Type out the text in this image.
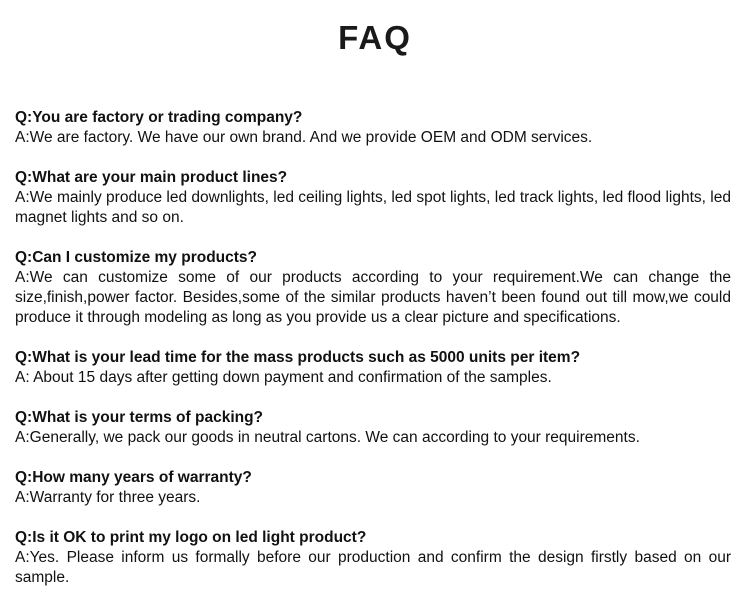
FAQ

Q:You are factory or trading company?

A:We are factory. We have our own brand. And we provide OEM and ODM services.

Q:What are your main product lines?

A:We mainly produce led downlights, led ceiling lights, led spot lights, led track lights, led flood lights, led magnet lights and so on.

Q:Can I customize my products?

A:We can customize some of our products according to your requirement.We can change the size,finish,power factor. Besides,some of the similar products haven’t been found out till mow,we could produce it through modeling as long as you provide us a clear picture and specifications.

Q:What is your lead time for the mass products such as 5000 units per item?

A: About 15 days after getting down payment and confirmation of the samples.

Q:What is your terms of packing?

A:Generally, we pack our goods in neutral cartons. We can according to your requirements.

Q:How many years of warranty?

A:Warranty for three years.

Q:Is it OK to print my logo on led light product?

A:Yes. Please inform us formally before our production and confirm the design firstly based on our sample.
